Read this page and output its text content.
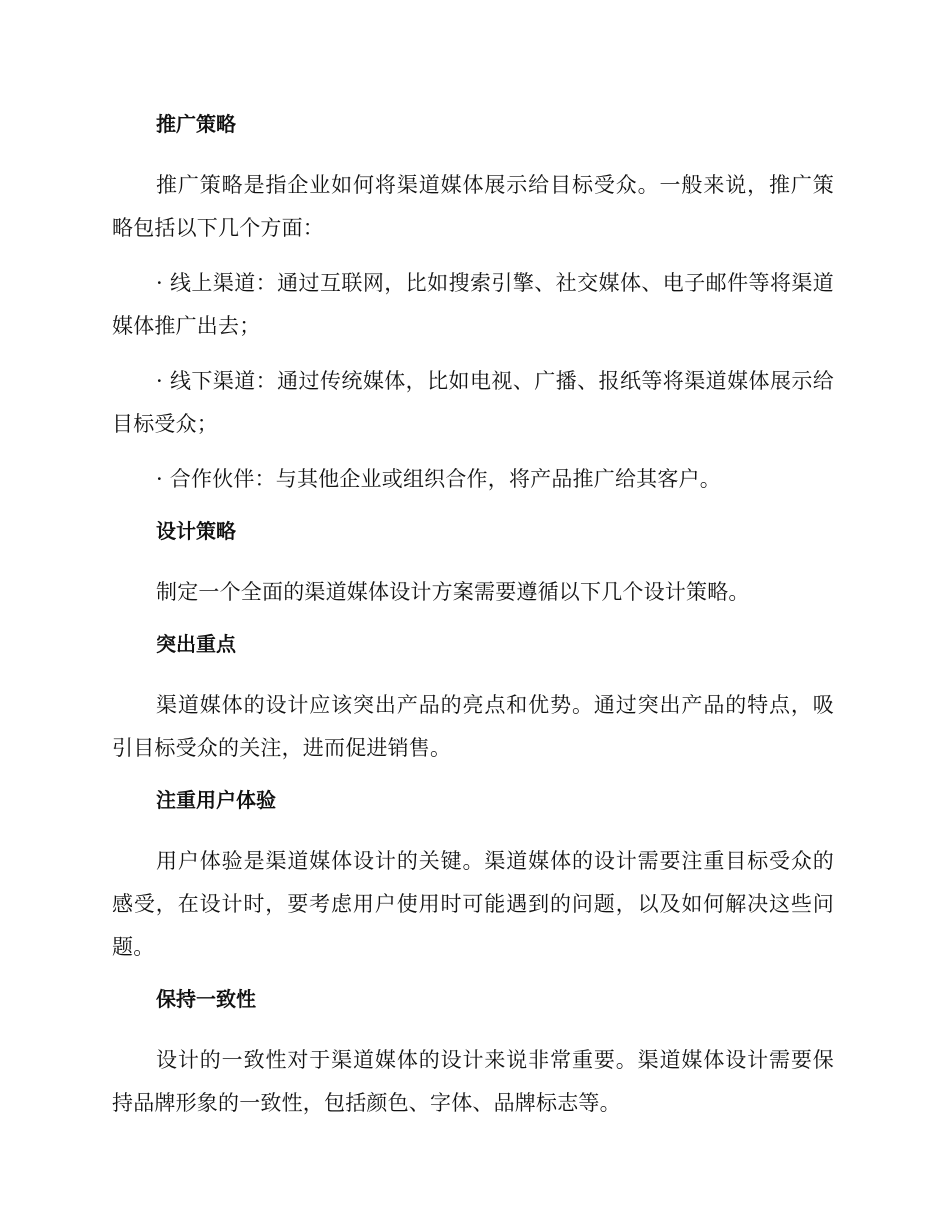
推广策略
推广策略是指企业如何将渠道媒体展示给目标受众。一般来说，推广策略包括以下几个方面：
· 线上渠道：通过互联网，比如搜索引擎、社交媒体、电子邮件等将渠道媒体推广出去；
· 线下渠道：通过传统媒体，比如电视、广播、报纸等将渠道媒体展示给目标受众；
· 合作伙伴：与其他企业或组织合作，将产品推广给其客户。
设计策略
制定一个全面的渠道媒体设计方案需要遵循以下几个设计策略。
突出重点
渠道媒体的设计应该突出产品的亮点和优势。通过突出产品的特点，吸引目标受众的关注，进而促进销售。
注重用户体验
用户体验是渠道媒体设计的关键。渠道媒体的设计需要注重目标受众的感受，在设计时，要考虑用户使用时可能遇到的问题，以及如何解决这些问题。
保持一致性
设计的一致性对于渠道媒体的设计来说非常重要。渠道媒体设计需要保持品牌形象的一致性，包括颜色、字体、品牌标志等。
